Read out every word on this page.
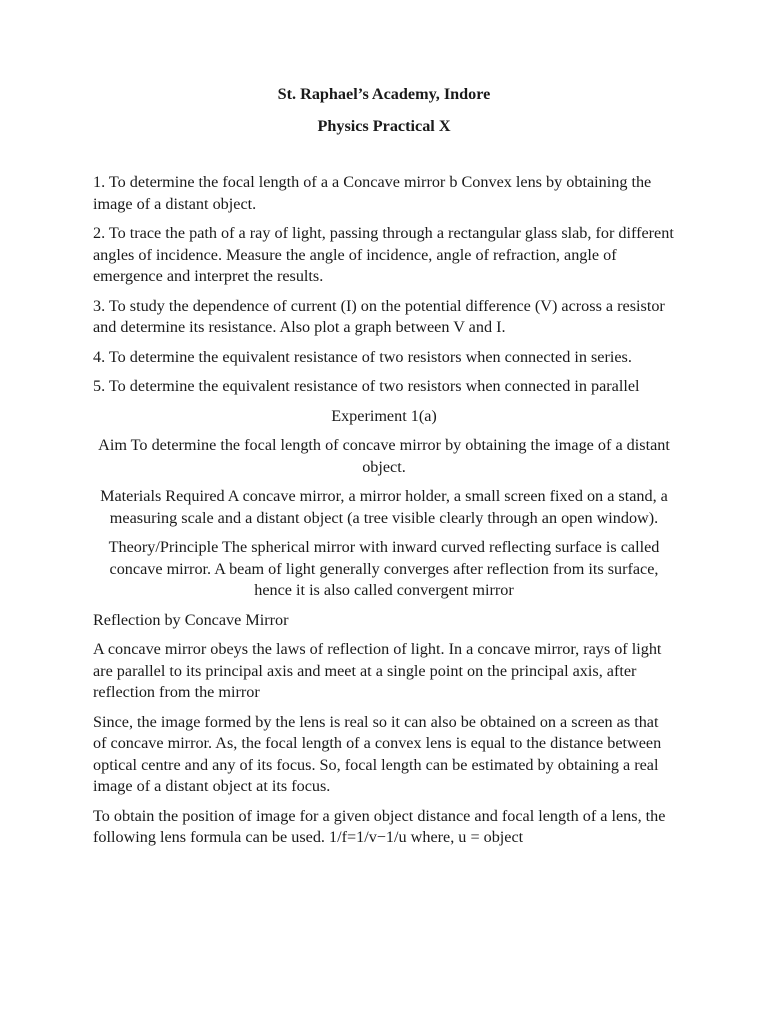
St. Raphael’s Academy, Indore

Physics Practical X

1. To determine the focal length of a a Concave mirror b Convex lens by obtaining the image of a distant object.

2. To trace the path of a ray of light, passing through a rectangular glass slab, for different angles of incidence. Measure the angle of incidence, angle of refraction, angle of emergence and interpret the results.

3. To study the dependence of current (I) on the potential difference (V) across a resistor and determine its resistance. Also plot a graph between V and I.

4. To determine the equivalent resistance of two resistors when connected in series.

5. To determine the equivalent resistance of two resistors when connected in parallel

Experiment 1(a)

Aim To determine the focal length of concave mirror by obtaining the image of a distant object.

Materials Required A concave mirror, a mirror holder, a small screen fixed on a stand, a measuring scale and a distant object (a tree visible clearly through an open window).

Theory/Principle The spherical mirror with inward curved reflecting surface is called concave mirror. A beam of light generally converges after reflection from its surface, hence it is also called convergent mirror

Reflection by Concave Mirror

A concave mirror obeys the laws of reflection of light. In a concave mirror, rays of light are parallel to its principal axis and meet at a single point on the principal axis, after reflection from the mirror

Since, the image formed by the lens is real so it can also be obtained on a screen as that of concave mirror. As, the focal length of a convex lens is equal to the distance between optical centre and any of its focus. So, focal length can be estimated by obtaining a real image of a distant object at its focus.

To obtain the position of image for a given object distance and focal length of a lens, the following lens formula can be used. 1/f=1/v−1/u where, u = object
